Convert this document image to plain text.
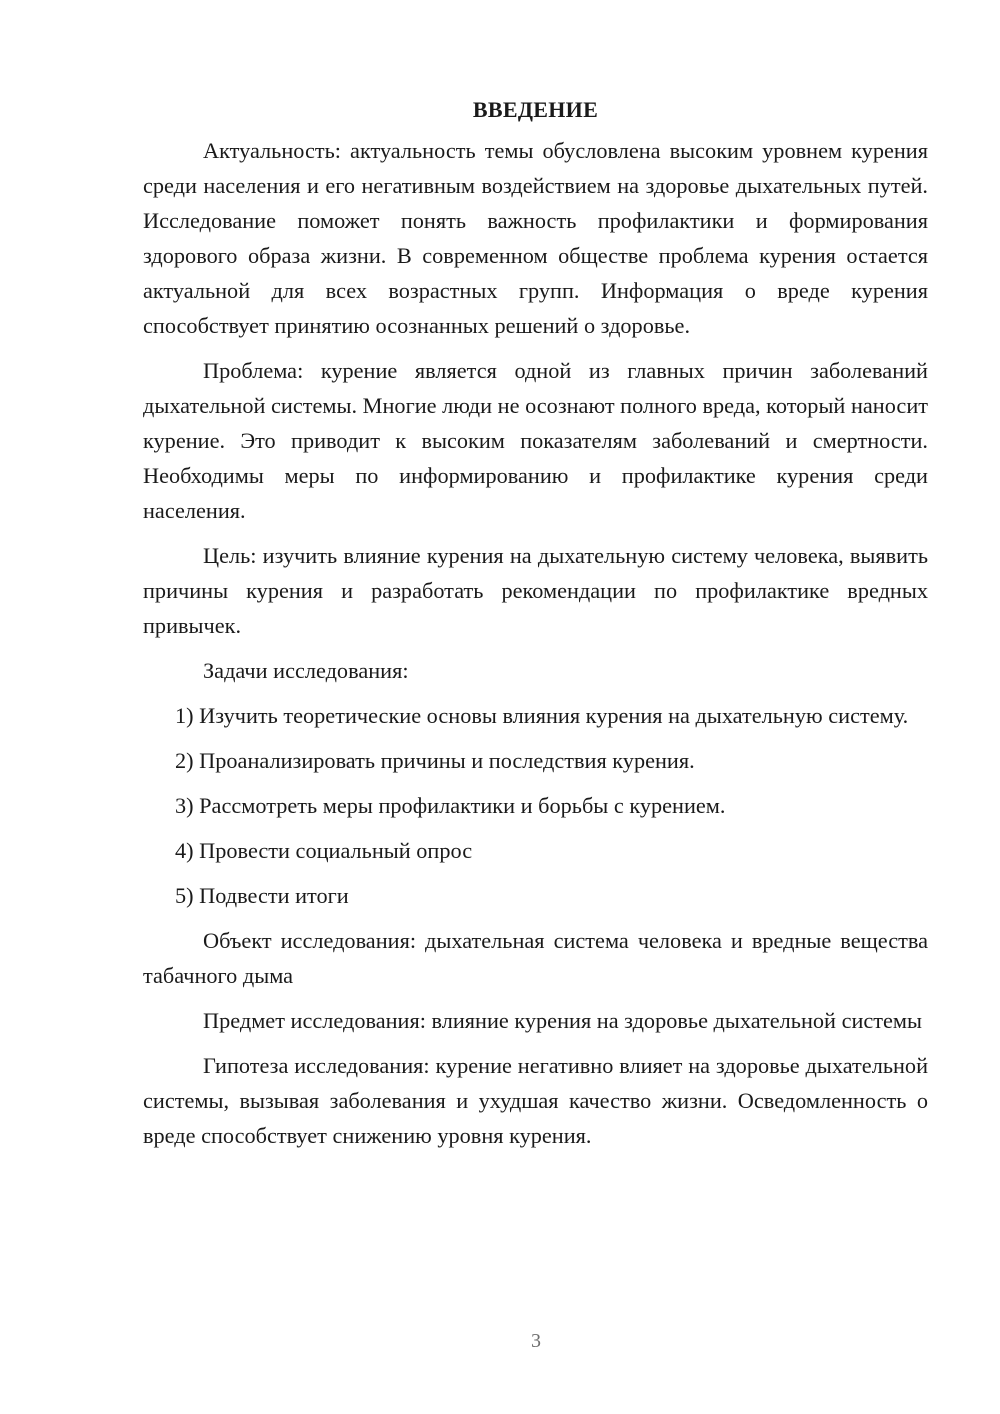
ВВЕДЕНИЕ

Актуальность: актуальность темы обусловлена высоким уровнем курения среди населения и его негативным воздействием на здоровье дыхательных путей. Исследование поможет понять важность профилактики и формирования здорового образа жизни. В современном обществе проблема курения остается актуальной для всех возрастных групп. Информация о вреде курения способствует принятию осознанных решений о здоровье.

Проблема: курение является одной из главных причин заболеваний дыхательной системы. Многие люди не осознают полного вреда, который наносит курение. Это приводит к высоким показателям заболеваний и смертности. Необходимы меры по информированию и профилактике курения среди населения.

Цель: изучить влияние курения на дыхательную систему человека, выявить причины курения и разработать рекомендации по профилактике вредных привычек.

Задачи исследования:

1) Изучить теоретические основы влияния курения на дыхательную систему.

2) Проанализировать причины и последствия курения.

3) Рассмотреть меры профилактики и борьбы с курением.

4) Провести социальный опрос

5) Подвести итоги

Объект исследования: дыхательная система человека и вредные вещества табачного дыма

Предмет исследования: влияние курения на здоровье дыхательной системы

Гипотеза исследования: курение негативно влияет на здоровье дыхательной системы, вызывая заболевания и ухудшая качество жизни. Осведомленность о вреде способствует снижению уровня курения.

3
